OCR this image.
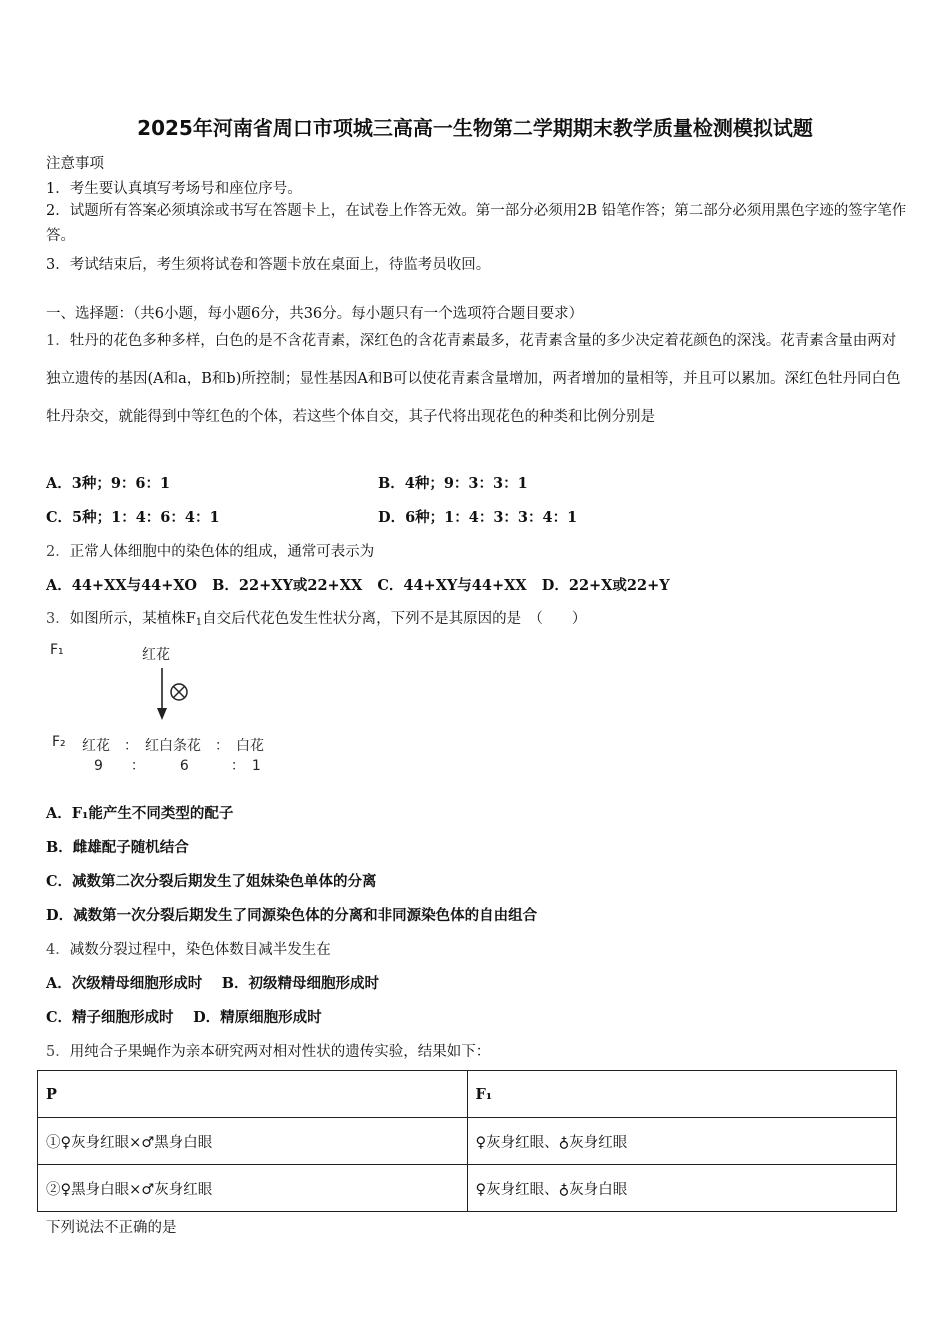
2025年河南省周口市项城三高高一生物第二学期期末教学质量检测模拟试题
注意事项
1．考生要认真填写考场号和座位序号。
2．试题所有答案必须填涂或书写在答题卡上，在试卷上作答无效。第一部分必须用2B 铅笔作答；第二部分必须用黑色字迹的签字笔作答。
3．考试结束后，考生须将试卷和答题卡放在桌面上，待监考员收回。
一、选择题：（共6小题，每小题6分，共36分。每小题只有一个选项符合题目要求）
1．牡丹的花色多种多样，白色的是不含花青素，深红色的含花青素最多，花青素含量的多少决定着花颜色的深浅。花青素含量由两对独立遗传的基因(A和a，B和b)所控制；显性基因A和B可以使花青素含量增加，两者增加的量相等，并且可以累加。深红色牡丹同白色牡丹杂交，就能得到中等红色的个体，若这些个体自交，其子代将出现花色的种类和比例分别是
A．3种；9：6：1	B．4种；9：3：3：1
C．5种；1：4：6：4：1	D．6种；1：4：3：3：4：1
2．正常人体细胞中的染色体的组成，通常可表示为
A．44+XX与44+XO   B．22+XY或22+XX   C．44+XY与44+XX   D．22+X或22+Y
3．如图所示，某植株$F_1$自交后代花色发生性状分离，下列不是其原因的是　（　　）
F₁	红花
F₂ 红花　：　红白条花　：　白花
9　　：　　　6　　　：　1
A．F₁能产生不同类型的配子
B．雌雄配子随机结合
C．减数第二次分裂后期发生了姐妹染色单体的分离
D．减数第一次分裂后期发生了同源染色体的分离和非同源染色体的自由组合
4．减数分裂过程中，染色体数目减半发生在
A．次级精母细胞形成时　 B．初级精母细胞形成时
C．精子细胞形成时　 D．精原细胞形成时
5．用纯合子果蝇作为亲本研究两对相对性状的遗传实验，结果如下：
P	F₁
①♀灰身红眼×♂黑身白眼	♀灰身红眼、♁灰身红眼
②♀黑身白眼×♂灰身红眼	♀灰身红眼、♁灰身白眼
下列说法不正确的是
